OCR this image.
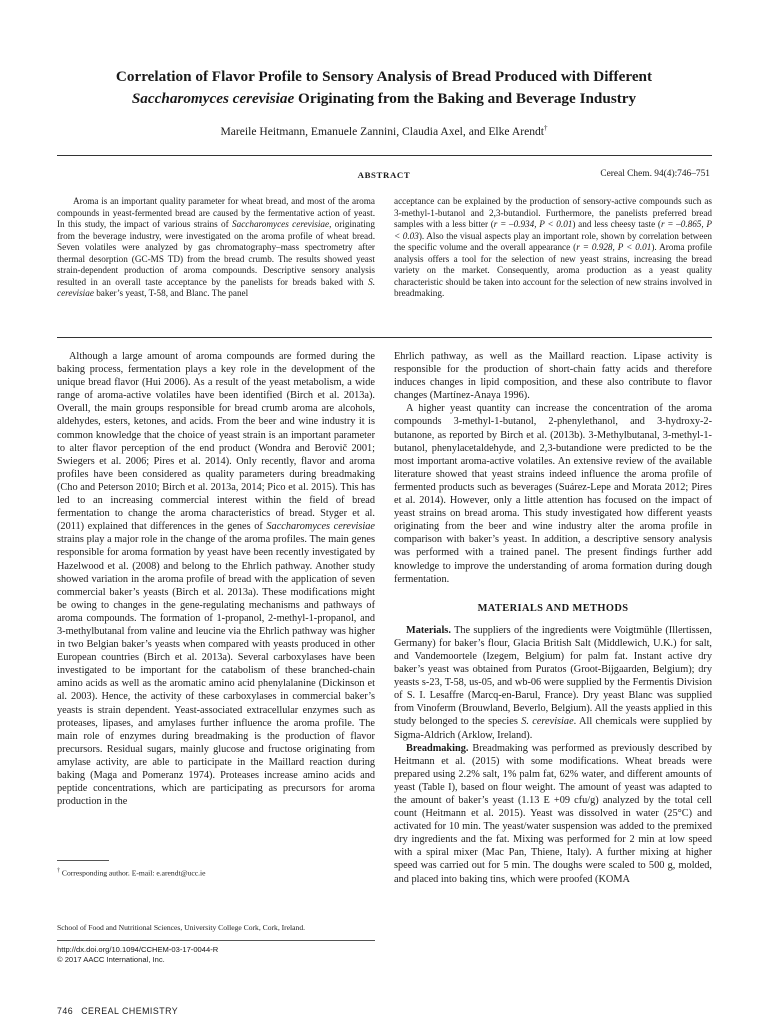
Correlation of Flavor Profile to Sensory Analysis of Bread Produced with Different
Saccharomyces cerevisiae Originating from the Baking and Beverage Industry
Mareile Heitmann, Emanuele Zannini, Claudia Axel, and Elke Arendt†
ABSTRACT	Cereal Chem. 94(4):746–751

Aroma is an important quality parameter for wheat bread, and most of the aroma compounds in yeast-fermented bread are caused by the fermentative action of yeast. In this study, the impact of various strains of Saccharomyces cerevisiae, originating from the beverage industry, were investigated on the aroma profile of wheat bread. Seven volatiles were analyzed by gas chromatography–mass spectrometry after thermal desorption (GC-MS TD) from the bread crumb. The results showed yeast strain-dependent production of aroma compounds. Descriptive sensory analysis resulted in an overall taste acceptance by the panelists for breads baked with S. cerevisiae baker’s yeast, T-58, and Blanc. The panel

acceptance can be explained by the production of sensory-active compounds such as 3-methyl-1-butanol and 2,3-butandiol. Furthermore, the panelists preferred bread samples with a less bitter (r = –0.934, P < 0.01) and less cheesy taste (r = –0.865, P < 0.03). Also the visual aspects play an important role, shown by correlation between the specific volume and the overall appearance (r = 0.928, P < 0.01). Aroma profile analysis offers a tool for the selection of new yeast strains, increasing the bread variety on the market. Consequently, aroma production as a yeast quality characteristic should be taken into account for the selection of new strains involved in breadmaking.

Although a large amount of aroma compounds are formed during the baking process, fermentation plays a key role in the development of the unique bread flavor (Hui 2006). As a result of the yeast metabolism, a wide range of aroma-active volatiles have been identified (Birch et al. 2013a). Overall, the main groups responsible for bread crumb aroma are alcohols, aldehydes, esters, ketones, and acids. From the beer and wine industry it is common knowledge that the choice of yeast strain is an important parameter to alter flavor perception of the end product (Wondra and Berovič 2001; Swiegers et al. 2006; Pires et al. 2014). Only recently, flavor and aroma profiles have been considered as quality parameters during breadmaking (Cho and Peterson 2010; Birch et al. 2013a, 2014; Pico et al. 2015). This has led to an increasing commercial interest within the field of bread fermentation to change the aroma characteristics of bread. Styger et al. (2011) explained that differences in the genes of Saccharomyces cerevisiae strains play a major role in the change of the aroma profiles. The main genes responsible for aroma formation by yeast have been recently investigated by Hazelwood et al. (2008) and belong to the Ehrlich pathway. Another study showed variation in the aroma profile of bread with the application of seven commercial baker’s yeasts (Birch et al. 2013a). These modifications might be owing to changes in the gene-regulating mechanisms and pathways of aroma compounds. The formation of 1-propanol, 2-methyl-1-propanol, and 3-methylbutanal from valine and leucine via the Ehrlich pathway was higher in two Belgian baker’s yeasts when compared with yeasts produced in other European countries (Birch et al. 2013a). Several carboxylases have been investigated to be important for the catabolism of these branched-chain amino acids as well as the aromatic amino acid phenylalanine (Dickinson et al. 2003). Hence, the activity of these carboxylases in commercial baker’s yeasts is strain dependent. Yeast-associated extracellular enzymes such as proteases, lipases, and amylases further influence the aroma profile. The main role of enzymes during breadmaking is the production of flavor precursors. Residual sugars, mainly glucose and fructose originating from amylase activity, are able to participate in the Maillard reaction during baking (Maga and Pomeranz 1974). Proteases increase amino acids and peptide concentrations, which are participating as precursors for aroma production in the

Ehrlich pathway, as well as the Maillard reaction. Lipase activity is responsible for the production of short-chain fatty acids and therefore induces changes in lipid composition, and these also contribute to flavor changes (Martínez-Anaya 1996).

A higher yeast quantity can increase the concentration of the aroma compounds 3-methyl-1-butanol, 2-phenylethanol, and 3-hydroxy-2-butanone, as reported by Birch et al. (2013b). 3-Methylbutanal, 3-methyl-1-butanol, phenylacetaldehyde, and 2,3-butandione were predicted to be the most important aroma-active volatiles. An extensive review of the available literature showed that yeast strains indeed influence the aroma profile of fermented products such as beverages (Suárez-Lepe and Morata 2012; Pires et al. 2014). However, only a little attention has focused on the impact of yeast strains on bread aroma. This study investigated how different yeasts originating from the beer and wine industry alter the aroma profile in comparison with baker’s yeast. In addition, a descriptive sensory analysis was performed with a trained panel. The present findings further add knowledge to improve the understanding of aroma formation during dough fermentation.

MATERIALS AND METHODS

Materials. The suppliers of the ingredients were Voigtmühle (Illertissen, Germany) for baker’s flour, Glacia British Salt (Middlewich, U.K.) for salt, and Vandemoortele (Izegem, Belgium) for palm fat. Instant active dry baker’s yeast was obtained from Puratos (Groot-Bijgaarden, Belgium); dry yeasts s-23, T-58, us-05, and wb-06 were supplied by the Fermentis Division of S. I. Lesaffre (Marcq-en-Barul, France). Dry yeast Blanc was supplied from Vinoferm (Brouwland, Beverlo, Belgium). All the yeasts applied in this study belonged to the species S. cerevisiae. All chemicals were supplied by Sigma-Aldrich (Arklow, Ireland).

Breadmaking. Breadmaking was performed as previously described by Heitmann et al. (2015) with some modifications. Wheat breads were prepared using 2.2% salt, 1% palm fat, 62% water, and different amounts of yeast (Table I), based on flour weight. The amount of yeast was adapted to the amount of baker’s yeast (1.13 E +09 cfu/g) analyzed by the total cell count (Heitmann et al. 2015). Yeast was dissolved in water (25°C) and activated for 10 min. The yeast/water suspension was added to the premixed dry ingredients and the fat. Mixing was performed for 2 min at low speed with a spiral mixer (Mac Pan, Thiene, Italy). A further mixing at higher speed was carried out for 5 min. The doughs were scaled to 500 g, molded, and placed into baking tins, which were proofed (KOMA

† Corresponding author. E-mail: e.arendt@ucc.ie
School of Food and Nutritional Sciences, University College Cork, Cork, Ireland.
http://dx.doi.org/10.1094/CCHEM-03-17-0044-R
© 2017 AACC International, Inc.
746 CEREAL CHEMISTRY
